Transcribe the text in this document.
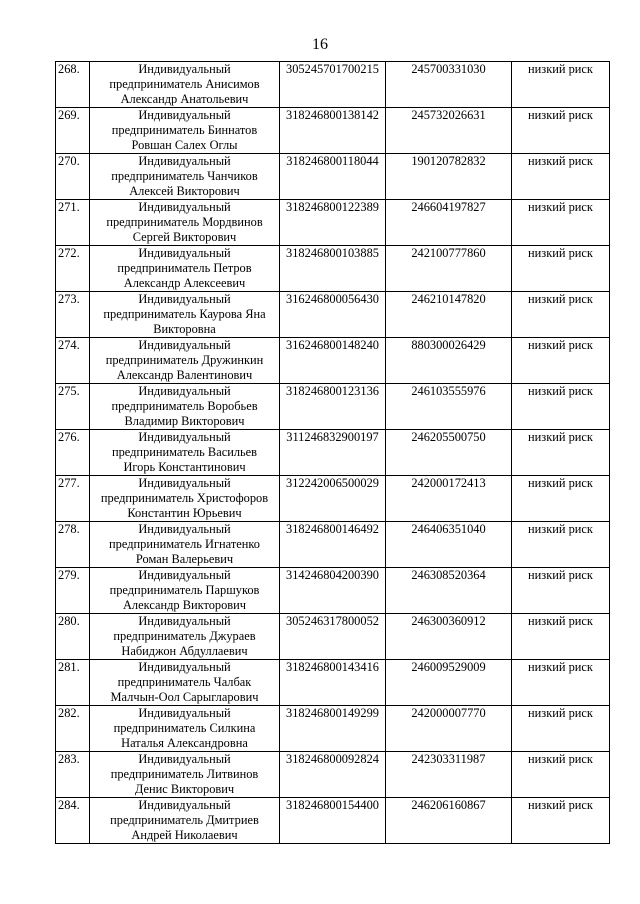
16
268.	Индивидуальный
предприниматель Анисимов
Александр Анатольевич	305245701700215	245700331030	низкий риск
269.	Индивидуальный
предприниматель Биннатов
Ровшан Салех Оглы	318246800138142	245732026631	низкий риск
270.	Индивидуальный
предприниматель Чанчиков
Алексей Викторович	318246800118044	190120782832	низкий риск
271.	Индивидуальный
предприниматель Мордвинов
Сергей Викторович	318246800122389	246604197827	низкий риск
272.	Индивидуальный
предприниматель Петров
Александр Алексеевич	318246800103885	242100777860	низкий риск
273.	Индивидуальный
предприниматель Каурова Яна
Викторовна	316246800056430	246210147820	низкий риск
274.	Индивидуальный
предприниматель Дружинкин
Александр Валентинович	316246800148240	880300026429	низкий риск
275.	Индивидуальный
предприниматель Воробьев
Владимир Викторович	318246800123136	246103555976	низкий риск
276.	Индивидуальный
предприниматель Васильев
Игорь Константинович	311246832900197	246205500750	низкий риск
277.	Индивидуальный
предприниматель Христофоров
Константин Юрьевич	312242006500029	242000172413	низкий риск
278.	Индивидуальный
предприниматель Игнатенко
Роман Валерьевич	318246800146492	246406351040	низкий риск
279.	Индивидуальный
предприниматель Паршуков
Александр Викторович	314246804200390	246308520364	низкий риск
280.	Индивидуальный
предприниматель Джураев
Набиджон Абдуллаевич	305246317800052	246300360912	низкий риск
281.	Индивидуальный
предприниматель Чалбак
Малчын-Оол Сарыгларович	318246800143416	246009529009	низкий риск
282.	Индивидуальный
предприниматель Силкина
Наталья Александровна	318246800149299	242000007770	низкий риск
283.	Индивидуальный
предприниматель Литвинов
Денис Викторович	318246800092824	242303311987	низкий риск
284.	Индивидуальный
предприниматель Дмитриев
Андрей Николаевич	318246800154400	246206160867	низкий риск
